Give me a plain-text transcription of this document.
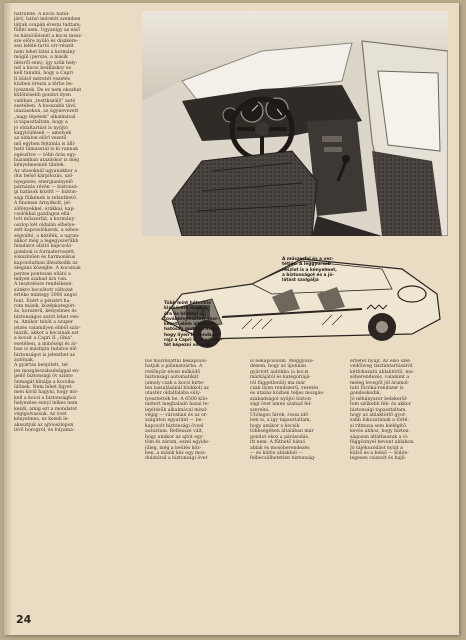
hátrafelé. A kocsi hátul-
járó, hátsó méretét szemben
látjuk csupán érezni tudtam;
füllni nem. Ugyanígy az első
és hátsóülésnél a kocsi mesz-
sze előre nyúló és díszkére-
sen lefelé-tartó orr-részét
nem lehet látni a kormány
mögül (persze, a másik
ülésről sem), így szűk hely-
nél a kocsi beálláskor ez
kell tanulni, hogy a Capri
II külső méretét vezetés
közben érezni a térbe be-
lyesznek. De ez nem okozhat
különösebb gondot ilyen
valóban „testtkszülő" autó
esetében. A hosszabb távú
utazásokon, az úgynevezett
„nagy lépések" alkalmával
is tapasztaltam, hogy a
jó oldaltartást is nyújtó
kagylóülések — amelyek
az oldalon előrl vezető
mű egyben fejtámla is állí-
ható támasszal is ki vannak
egészítve — több órás egy-
huzamban utazáskor is még
kényelmesnek tűntek.
Az utasoknál ugyanakkor a
dús belső kárpitozás, sző-
nyegezés, energiaelnyelő
párnázás révén — biztonsá-
gi hatások között — bizton-
sági fülkének is tekinthető.
A finoman árnyékolt, jel-
zőfényekkel, órákkal, kap-
csolókkal gazdagon ellá-
tott műszerfal, a kormány-
oszlop két oldalán elhelye-
zett kapcsolókarok, a sebes-
ségváltó, a kézifék, a ugran-
akkor még a legegyszerűbb
feladatot ellátó kapcsoló-
gombok is formatervezett,
sokszínűen és harmonikus
kapcsolatban illeszkedik az
elegáns közegbe. A kocsinak
perzse pontosan ellátó a
milyen szabad ára van.
A tesztelésre rendelkezé-
sünkre bocsátott változat
értéke mintegy 3000 angol
font. Ezért a pénzért ha-
rom másik, középkategóri-
ás, korszerű, kényelmes és
biztonságos autót lehet ven-
ni. Amikor tehát a szuper
jelzés valamilyen ebből szár-
mazik, akkor a kocsinak ezt
a kocsit a Capri II „Ghia"
esetében, a minőségi és ár-
ban is másfajta tudatos élő
biztonságot is jelenthet az
autónak.
A gyártás beépített, tel-
jes mozgásszabadsággal en-
gedő biztonsági öv szinte
önmagát kínálja a kocsiba
ülőnek. Nem lehet figyel-
men kívül hagyni, hogy mó-
kell a kocsi a biztonsághoz
helyezése ennyi lelkes nem
kezdi, amig ezt a mondatot
végigolvassuk. Az övet
kényelmes, ez kezeli le-
akasztjuk az ajtóoszlopon
lévő horogról, és folyama-
A műszerfal és a vez-
tétlés. A leggyorsab
részlet is a kényelmet,
a biztonságot és a jó-
látást szolgálja
Több mint hétmillió
kisméretű munka-
óra és kétezer új,
továbbfejlesztett szer-
kezeti elem alkalmaz-
hatóság mutatja meg,
hogy ilyen is, rendszer-
rajz a Capri II. szerkeze-
tét képezni vonalát
tos mozdulattal bekapcsol-
hatjuk a pillanatzárba. A
redőnyár-elven működő
biztonsági automatikát
(amely csak a kocsi hirte-
len lassulásánál blokkol) az
utastér oldalfalába süly-
lyesztették be. A 6500 kilo-
métert meghaladó hazai te-
lepítésűk alkalmával mind-
végig — városban és az or-
szágúton egyaránt — be-
kapcsolt biztonsági övvel
autóztam. Reflexszé vált,
hogy amikor az ajtót egy-
töm és zárom, ezzel egyide-
jűleg, még a beülés köz-
ben, a másik kéz egy moz-
dulatával a biztonsági övet
is bekapcsolom. Meggyőző-
désem, hogy az újonnan
gyártott autókba (a kocsi
márkájától és kategóriájá-
tól függetlenül) ma már
csak ilyen rendszerű, vezetés
és utazás közben teljes mozgás-
szabadságot nyújtó bizton-
sági övet lenne szabad fel-
szerelni.
Utólagos hírek, rossz idő-
ben is, a így tapasztaltam,
hogy amikor a kocsik
többségében általában már
gondot okoz a párásodás,
itt nem. A fűthető hátsó
ablak és mosóberendezés
— és külön ablakból —
felbecsülhetetlen biztonság-
érzetet nyújt. Az első szél-
védőüveg tisztántartásáról
kétfokozatú ablaktörlő, mo-
sóberendezés, valamint a
meleg levegőt jól áramol-
tató fúvóka-rendszer is
gondoskodik.
Jó néhányszor belekerül-
tem szűkebb fék- és akkor
biztonsági tapasztaltam,
hogy az ablaktörlő gyor-
sabb fokozatának a törlé-
si ritmusa sem kielégítő.
kevés ahhoz, hogy bizton-
ságosan átláthassuk a vi-
függönnyel bevont ablakon.
Jó tájékozódást nyújt a
külső és a belső — külön-
legesen csiszolt és hajlí-
24
